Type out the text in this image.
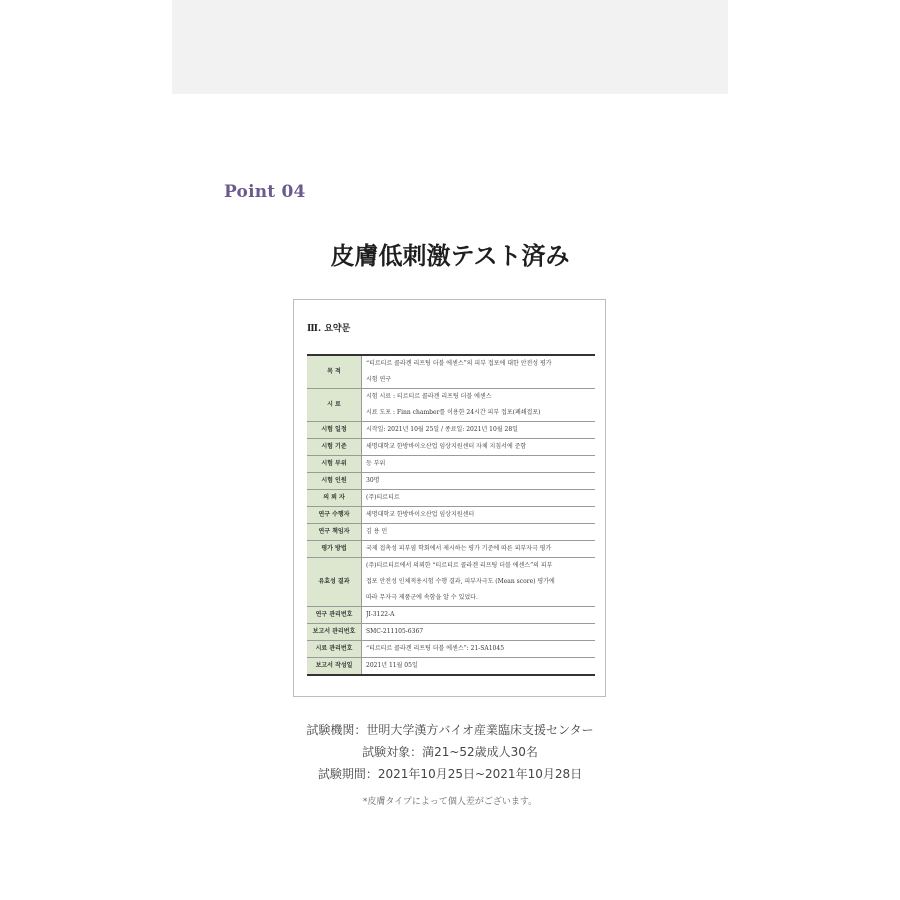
Point 04
皮膚低刺激テスト済み
Ⅲ. 요약문
목 적	“티르티르 콜라겐 리프팅 더블 에센스”의 피부 접포에 대한 안전성 평가
시험 연구

시 료	시험 시료 : 티르티르 콜라겐 리프팅 더블 에센스
시료 도포 : Finn chamber를 이용한 24시간 피부 접포(폐쇄접포)

시험 일정	시작일: 2021년 10월 25일 / 종료일: 2021년 10월 28일

시험 기준	세명대학교 한방바이오산업 임상지원센터 자체 지침서에 준함

시험 부위	등 부위

시험 인원	30명

의 뢰 자	(주)티르티르

연구 수행자	세명대학교 한방바이오산업 임상지원센터

연구 책임자	김 용 민

평가 방법	국제 접촉성 피부염 학회에서 제시하는 평가 기준에 따른 피부자극 평가

유효성 결과	(주)티르티르에서 의뢰한 “티르티르 콜라겐 리프팅 더블 에센스”의 피부
접포 안전성 인체적용시험 수행 결과, 피부자극도 (Mean score) 평가에
따라 무자극 제품군에 속함을 알 수 있었다.

연구 관리번호	JI-3122-A

보고서 관리번호	SMC-211105-6367

시료 관리번호	“티르티르 콜라겐 리프팅 더블 에센스”: 21-SA1045

보고서 작성일	2021년 11월 05일
試験機関：世明大学漢方バイオ産業臨床支援センター
試験対象：満21~52歳成人30名
試験期間：2021年10月25日~2021年10月28日
*皮膚タイプによって個人差がございます。
